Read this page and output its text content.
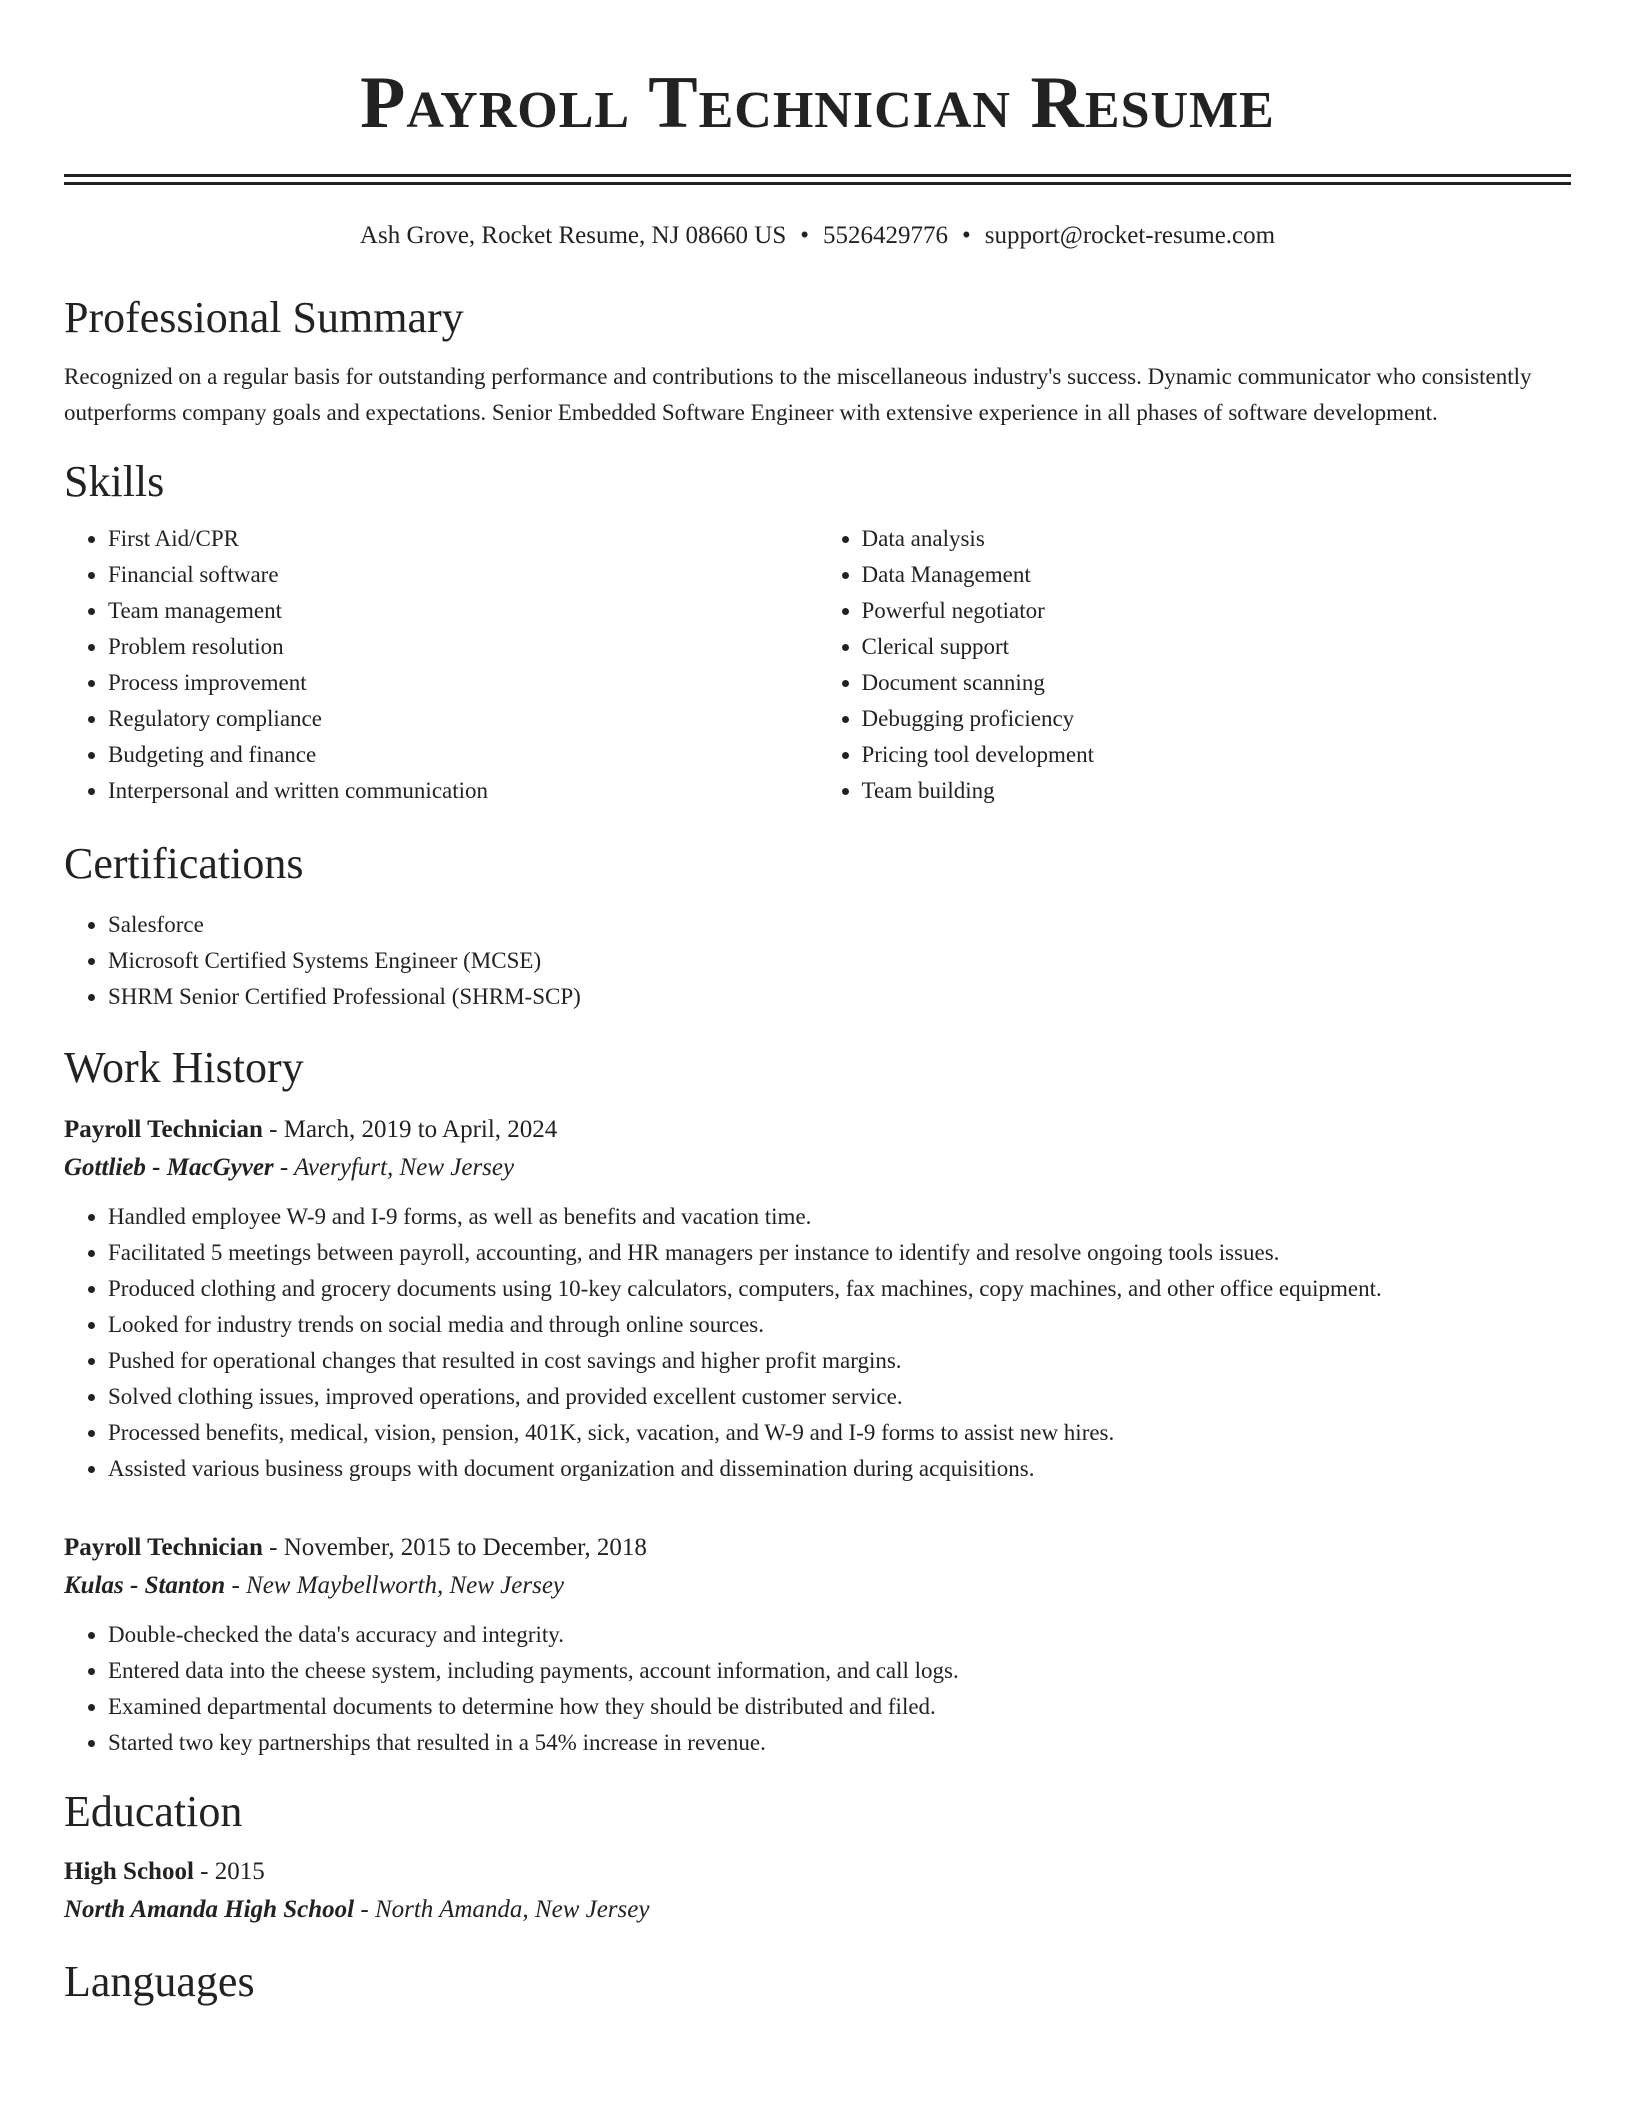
Payroll Technician Resume
Ash Grove, Rocket Resume, NJ 08660 US • 5526429776 • support@rocket-resume.com
Professional Summary
Recognized on a regular basis for outstanding performance and contributions to the miscellaneous industry's success. Dynamic communicator who consistently outperforms company goals and expectations. Senior Embedded Software Engineer with extensive experience in all phases of software development.
Skills
• First Aid/CPR
• Financial software
• Team management
• Problem resolution
• Process improvement
• Regulatory compliance
• Budgeting and finance
• Interpersonal and written communication
• Data analysis
• Data Management
• Powerful negotiator
• Clerical support
• Document scanning
• Debugging proficiency
• Pricing tool development
• Team building
Certifications
• Salesforce
• Microsoft Certified Systems Engineer (MCSE)
• SHRM Senior Certified Professional (SHRM-SCP)
Work History
Payroll Technician - March, 2019 to April, 2024
Gottlieb - MacGyver - Averyfurt, New Jersey
• Handled employee W-9 and I-9 forms, as well as benefits and vacation time.
• Facilitated 5 meetings between payroll, accounting, and HR managers per instance to identify and resolve ongoing tools issues.
• Produced clothing and grocery documents using 10-key calculators, computers, fax machines, copy machines, and other office equipment.
• Looked for industry trends on social media and through online sources.
• Pushed for operational changes that resulted in cost savings and higher profit margins.
• Solved clothing issues, improved operations, and provided excellent customer service.
• Processed benefits, medical, vision, pension, 401K, sick, vacation, and W-9 and I-9 forms to assist new hires.
• Assisted various business groups with document organization and dissemination during acquisitions.
Payroll Technician - November, 2015 to December, 2018
Kulas - Stanton - New Maybellworth, New Jersey
• Double-checked the data's accuracy and integrity.
• Entered data into the cheese system, including payments, account information, and call logs.
• Examined departmental documents to determine how they should be distributed and filed.
• Started two key partnerships that resulted in a 54% increase in revenue.
Education
High School - 2015
North Amanda High School - North Amanda, New Jersey
Languages
